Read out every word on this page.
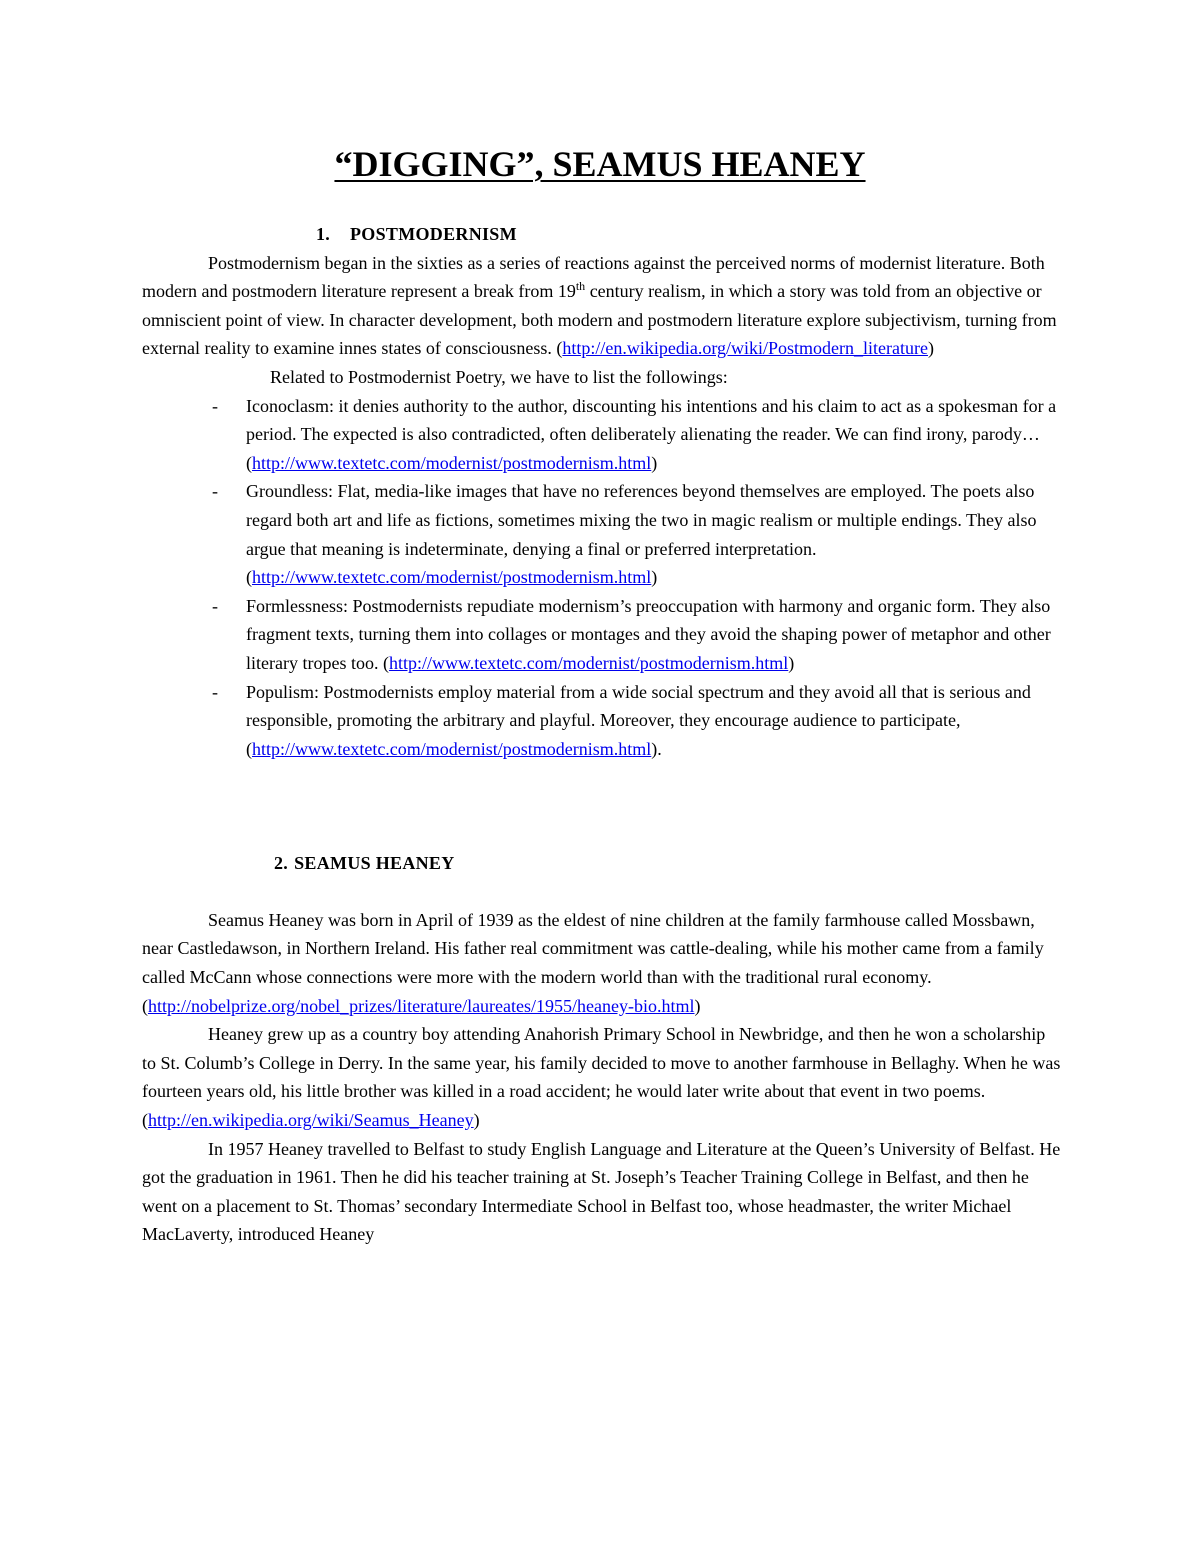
“DIGGING”, SEAMUS HEANEY
1. POSTMODERNISM

Postmodernism began in the sixties as a series of reactions against the perceived norms of modernist literature. Both modern and postmodern literature represent a break from 19th century realism, in which a story was told from an objective or omniscient point of view. In character development, both modern and postmodern literature explore subjectivism, turning from external reality to examine innes states of consciousness. (http://en.wikipedia.org/wiki/Postmodern_literature)

Related to Postmodernist Poetry, we have to list the followings:

- Iconoclasm: it denies authority to the author, discounting his intentions and his claim to act as a spokesman for a period. The expected is also contradicted, often deliberately alienating the reader. We can find irony, parody… (http://www.textetc.com/modernist/postmodernism.html)
- Groundless: Flat, media-like images that have no references beyond themselves are employed. The poets also regard both art and life as fictions, sometimes mixing the two in magic realism or multiple endings. They also argue that meaning is indeterminate, denying a final or preferred interpretation. (http://www.textetc.com/modernist/postmodernism.html)
- Formlessness: Postmodernists repudiate modernism’s preoccupation with harmony and organic form. They also fragment texts, turning them into collages or montages and they avoid the shaping power of metaphor and other literary tropes too. (http://www.textetc.com/modernist/postmodernism.html)
- Populism: Postmodernists employ material from a wide social spectrum and they avoid all that is serious and responsible, promoting the arbitrary and playful. Moreover, they encourage audience to participate, (http://www.textetc.com/modernist/postmodernism.html).
2. SEAMUS HEANEY

Seamus Heaney was born in April of 1939 as the eldest of nine children at the family farmhouse called Mossbawn, near Castledawson, in Northern Ireland. His father real commitment was cattle-dealing, while his mother came from a family called McCann whose connections were more with the modern world than with the traditional rural economy.
(http://nobelprize.org/nobel_prizes/literature/laureates/1955/heaney-bio.html)

Heaney grew up as a country boy attending Anahorish Primary School in Newbridge, and then he won a scholarship to St. Columb’s College in Derry. In the same year, his family decided to move to another farmhouse in Bellaghy. When he was fourteen years old, his little brother was killed in a road accident; he would later write about that event in two poems.
(http://en.wikipedia.org/wiki/Seamus_Heaney)

In 1957 Heaney travelled to Belfast to study English Language and Literature at the Queen’s University of Belfast. He got the graduation in 1961. Then he did his teacher training at St. Joseph’s Teacher Training College in Belfast, and then he went on a placement to St. Thomas’ secondary Intermediate School in Belfast too, whose headmaster, the writer Michael MacLaverty, introduced Heaney
